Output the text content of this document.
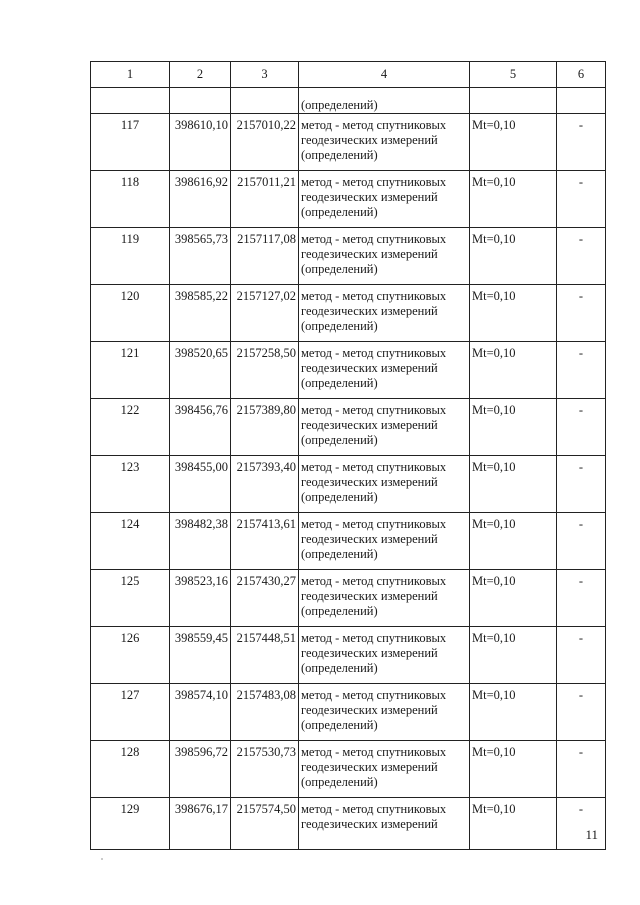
1	2	3	4	5	6
			(определений)		
117	398610,10	2157010,22	метод - метод спутниковых
геодезических измерений
(определений)	Mt=0,10	-
118	398616,92	2157011,21	метод - метод спутниковых
геодезических измерений
(определений)	Mt=0,10	-
119	398565,73	2157117,08	метод - метод спутниковых
геодезических измерений
(определений)	Mt=0,10	-
120	398585,22	2157127,02	метод - метод спутниковых
геодезических измерений
(определений)	Mt=0,10	-
121	398520,65	2157258,50	метод - метод спутниковых
геодезических измерений
(определений)	Mt=0,10	-
122	398456,76	2157389,80	метод - метод спутниковых
геодезических измерений
(определений)	Mt=0,10	-
123	398455,00	2157393,40	метод - метод спутниковых
геодезических измерений
(определений)	Mt=0,10	-
124	398482,38	2157413,61	метод - метод спутниковых
геодезических измерений
(определений)	Mt=0,10	-
125	398523,16	2157430,27	метод - метод спутниковых
геодезических измерений
(определений)	Mt=0,10	-
126	398559,45	2157448,51	метод - метод спутниковых
геодезических измерений
(определений)	Mt=0,10	-
127	398574,10	2157483,08	метод - метод спутниковых
геодезических измерений
(определений)	Mt=0,10	-
128	398596,72	2157530,73	метод - метод спутниковых
геодезических измерений
(определений)	Mt=0,10	-
129	398676,17	2157574,50	метод - метод спутниковых
геодезических измерений	Mt=0,10	-
11
